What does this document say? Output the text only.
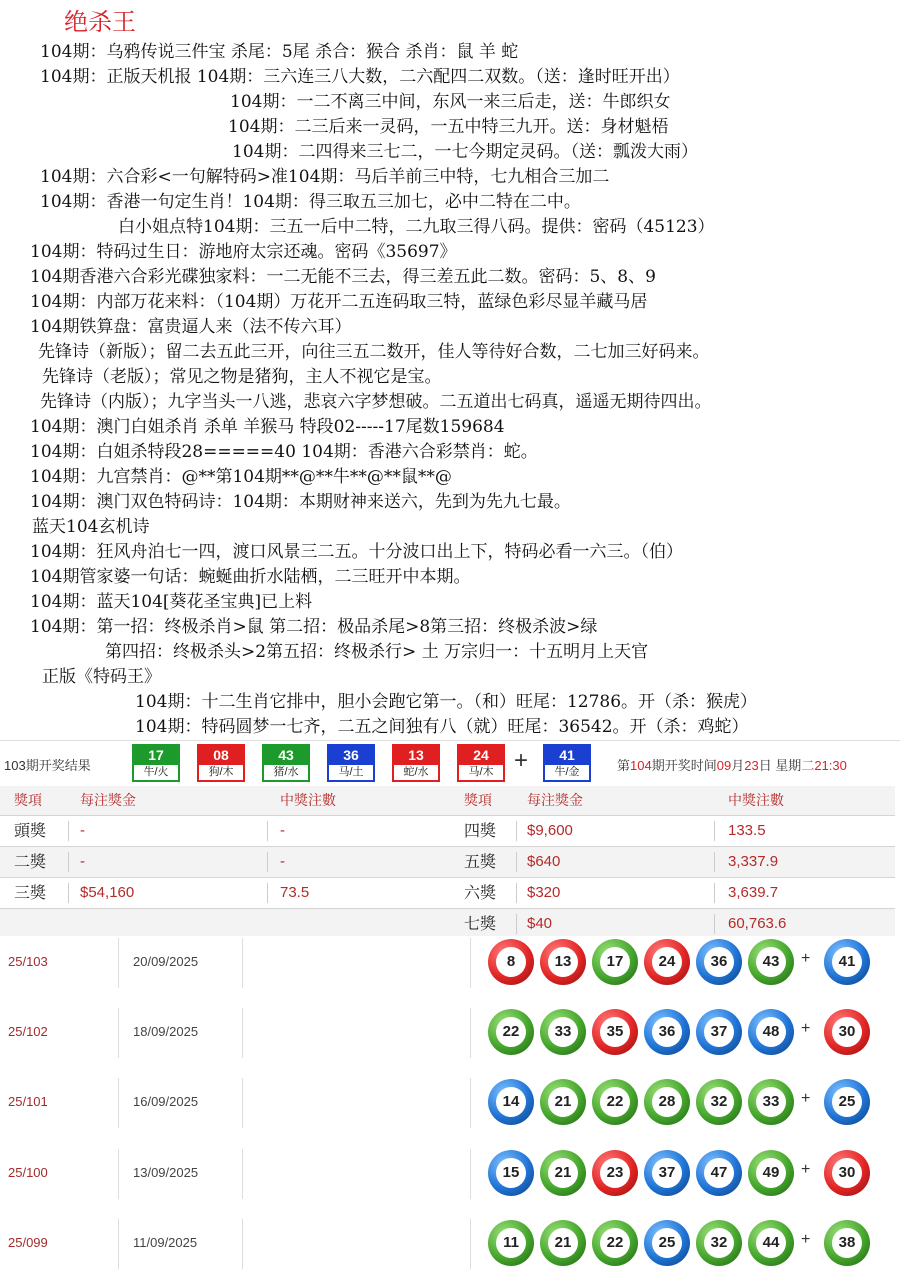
绝杀王
104期：乌鸦传说三件宝 杀尾：5尾 杀合：猴合 杀肖：鼠 羊 蛇
104期：正版天机报 104期：三六连三八大数，二六配四二双数。（送：逢时旺开出）
104期：一二不离三中间，东风一来三后走，送：牛郎织女
104期：二三后来一灵码，一五中特三九开。送：身材魁梧
104期：二四得来三七二，一七今期定灵码。（送：瓢泼大雨）
104期：六合彩<一句解特码>准104期：马后羊前三中特，七九相合三加二
104期：香港一句定生肖！104期：得三取五三加七，必中二特在二中。
白小姐点特104期：三五一后中二特，二九取三得八码。提供：密码（45123）
104期：特码过生日：游地府太宗还魂。密码《35697》
104期香港六合彩光碟独家料：一二无能不三去，得三差五此二数。密码：5、8、9
104期：内部万花来料：（104期）万花开二五连码取三特，蓝绿色彩尽显羊藏马居
104期铁算盘：富贵逼人来（法不传六耳）
先锋诗（新版）；留二去五此三开，向往三五二数开，佳人等待好合数，二七加三好码来。
先锋诗（老版）；常见之物是猪狗，主人不视它是宝。
先锋诗（内版）；九字当头一八逃，悲哀六字梦想破。二五道出七码真，遥遥无期待四出。
104期：澳门白姐杀肖 杀单 羊猴马 特段02-----17尾数159684
104期：白姐杀特段28=====40 104期：香港六合彩禁肖：蛇。
104期：九宫禁肖：@**第104期**@**牛**@**鼠**@
104期：澳门双色特码诗：104期：本期财神来送六，先到为先九七最。
蓝天104玄机诗
104期：狂风舟泊七一四，渡口风景三二五。十分波口出上下，特码必看一六三。（伯）
104期管家婆一句话：蜿蜒曲折水陆栖，二三旺开中本期。
104期：蓝天104[葵花圣宝典]已上料
104期：第一招：终极杀肖>鼠 第二招：极品杀尾>8第三招：终极杀波>绿
第四招：终极杀头>2第五招：终极杀行> 土 万宗归一：十五明月上天官
正版《特码王》
104期：十二生肖它排中，胆小会跑它第一。（和）旺尾：12786。开（杀：猴虎）
104期：特码圆梦一七齐，二五之间独有八（就）旺尾：36542。开（杀：鸡蛇）
103期开奖结果
17
牛/火
08
狗/木
43
猪/水
36
马/土
13
蛇/水
24
马/木 +	41
牛/金	第104期开奖时间09月23日 星期二21:30
獎項	每注獎金	中獎注數	獎項	每注獎金	中獎注數
頭獎 -	-	四獎 $9,600	133.5
二獎 -	-	五獎 $640	3,337.9
三獎 $54,160	73.5	六獎 $320	3,639.7
七獎 $40	60,763.6
25/103	20/09/2025	8	13	17	24	36	43	+	41
25/102	18/09/2025	22	33	35	36	37	48	+	30
25/101	16/09/2025	14	21	22	28	32	33	+	25
25/100	13/09/2025	15	21	23	37	47	49	+	30
25/099	11/09/2025	11	21	22	25	32	44	+	38
